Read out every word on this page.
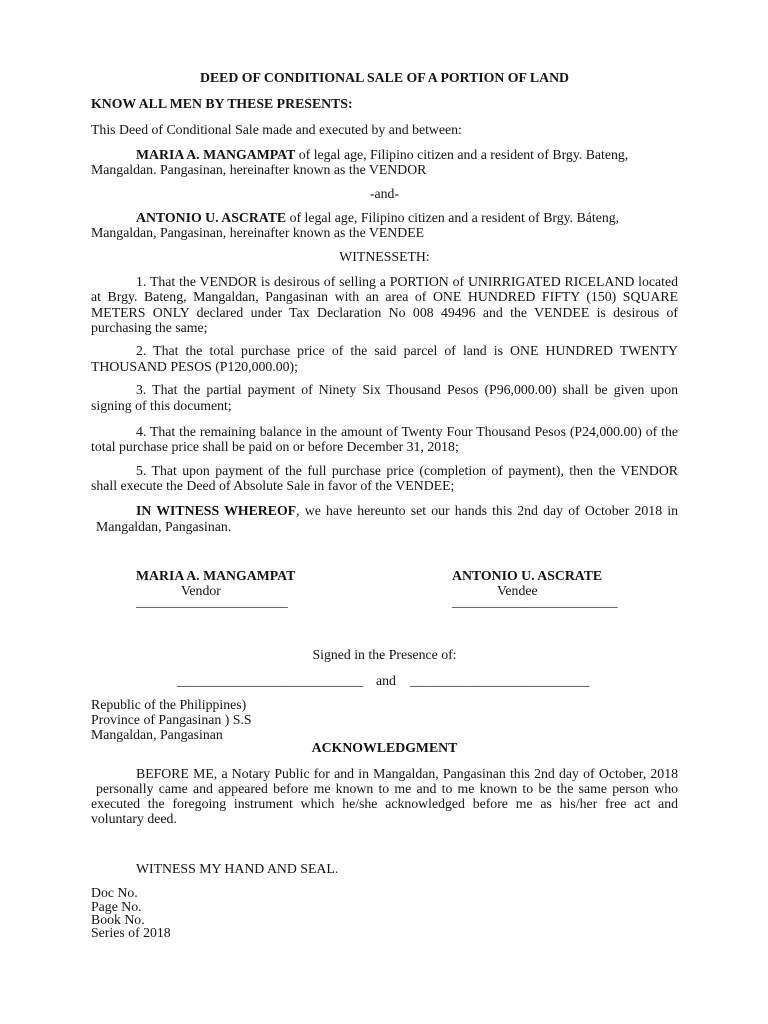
DEED OF CONDITIONAL SALE OF A PORTION OF LAND
KNOW ALL MEN BY THESE PRESENTS:
This Deed of Conditional Sale made and executed by and between:
MARIA A. MANGAMPAT of legal age, Filipino citizen and a resident of Brgy. Bateng,
Mangaldan. Pangasinan, hereinafter known as the VENDOR
-and-
ANTONIO U. ASCRATE of legal age, Filipino citizen and a resident of Brgy. Báteng,
Mangaldan, Pangasinan, hereinafter known as the VENDEE
WITNESSETH:
1. That the VENDOR is desirous of selling a PORTION of UNIRRIGATED RICELAND located
at Brgy. Bateng, Mangaldan, Pangasinan with an area of ONE HUNDRED FIFTY (150) SQUARE
METERS ONLY declared under Tax Declaration No 008 49496 and the VENDEE is desirous of
purchasing the same;
2. That the total purchase price of the said parcel of land is ONE HUNDRED TWENTY
THOUSAND PESOS (P120,000.00);
3. That the partial payment of Ninety Six Thousand Pesos (P96,000.00) shall be given upon
signing of this document;
4. That the remaining balance in the amount of Twenty Four Thousand Pesos (P24,000.00) of the
total purchase price shall be paid on or before December 31, 2018;
5. That upon payment of the full purchase price (completion of payment), then the VENDOR
shall execute the Deed of Absolute Sale in favor of the VENDEE;
IN WITNESS WHEREOF, we have hereunto set our hands this 2nd day of October 2018 in
Mangaldan, Pangasinan.
MARIA A. MANGAMPAT
Vendor
______________________
ANTONIO U. ASCRATE
Vendee
________________________
Signed in the Presence of:
___________________________ and __________________________
Republic of the Philippines)
Province of Pangasinan ) S.S
Mangaldan, Pangasinan
ACKNOWLEDGMENT
BEFORE ME, a Notary Public for and in Mangaldan, Pangasinan this 2nd day of October, 2018
personally came and appeared before me known to me and to me known to be the same person who
executed the foregoing instrument which he/she acknowledged before me as his/her free act and
voluntary deed.
WITNESS MY HAND AND SEAL.
Doc No.
Page No.
Book No.
Series of 2018
